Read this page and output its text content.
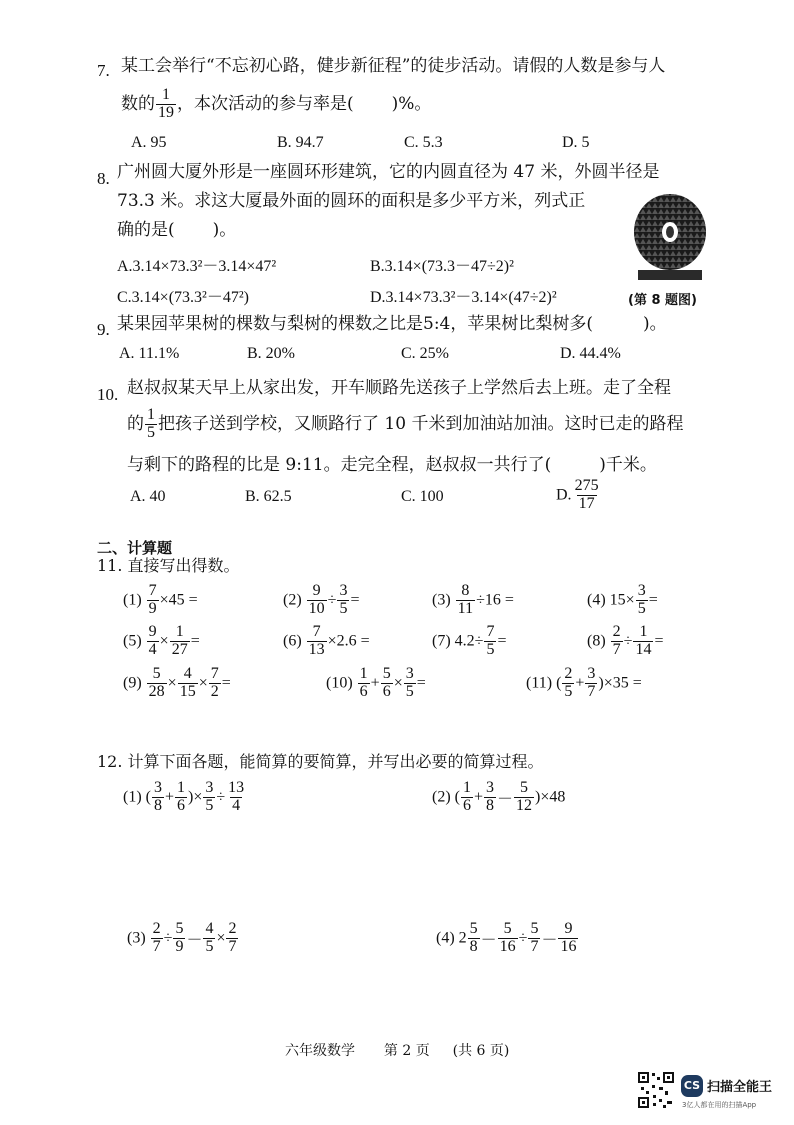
7. 某工会举行“不忘初心路，健步新征程”的徒步活动。请假的人数是参与人
数的 $\frac{1}{19}$ ，本次活动的参与率是( )%。
A. 95	B. 94.7	C. 5.3	D. 5
8. 广州圆大厦外形是一座圆环形建筑，它的内圆直径为 47 米，外圆半径是
73.3 米。求这大厦最外面的圆环的面积是多少平方米，列式正
确的是( )。
A.3.14×73.3²－3.14×47²	B.3.14×(73.3－47÷2)²
C.3.14×(73.3²－47²)	D.3.14×73.3²－3.14×(47÷2)²	(第 8 题图)
9. 某果园苹果树的棵数与梨树的棵数之比是5:4，苹果树比梨树多(	)。
A. 11.1%	B. 20%	C. 25%	D. 44.4%
10. 赵叔叔某天早上从家出发，开车顺路先送孩子上学然后去上班。走了全程
的 $\frac{1}{5}$ 把孩子送到学校，又顺路行了 10 千米到加油站加油。这时已走的路程
与剩下的路程的比是 9:11。走完全程，赵叔叔一共行了(	)千米。
A. 40	B. 62.5	C. 100	D. $\frac{275}{17}$
二、计算题
11. 直接写出得数。
$(1) \frac{7}{9} \times 45$ =	$(2) \frac{9}{10} \div \frac{3}{5}$ =	$(3) \frac{8}{11} \div 16$ =	(4) $15\times \frac{3}{5}$ =
$(5) \frac{9}{4} \times \frac{1}{27}$ =	$(6) \frac{7}{13} \times 2.6$ =	(7) $4.2\div \frac{7}{5}$ =	$(8) \frac{2}{7} \div \frac{1}{14}$ =
$(9) \frac{5}{28} \times \frac{4}{15} \times \frac{7}{2}$ =	$(10) \frac{1}{6} + \frac{5}{6} \times \frac{3}{5}$ =	(11) ( $\frac{2}{5} + \frac{3}{7} )\times 35$ =
12. 计算下面各题，能简算的要简算，并写出必要的简算过程。
(1) ( $\frac{3}{8} + \frac{1}{6}$ )× $\frac{3}{5} \div \frac{13}{4}$	(2) ( $\frac{1}{6} + \frac{3}{8} - \frac{5}{12} )\times 48$
$(3) \frac{2}{7} \div \frac{5}{9} - \frac{4}{5} \times \frac{2}{7}$	(4) $2 \frac{5}{8} - \frac{5}{16} \div \frac{5}{7} - \frac{9}{16}$
六年级数学 第 2 页 (共 6 页)
CS 扫描全能王
3亿人都在用的扫描App
